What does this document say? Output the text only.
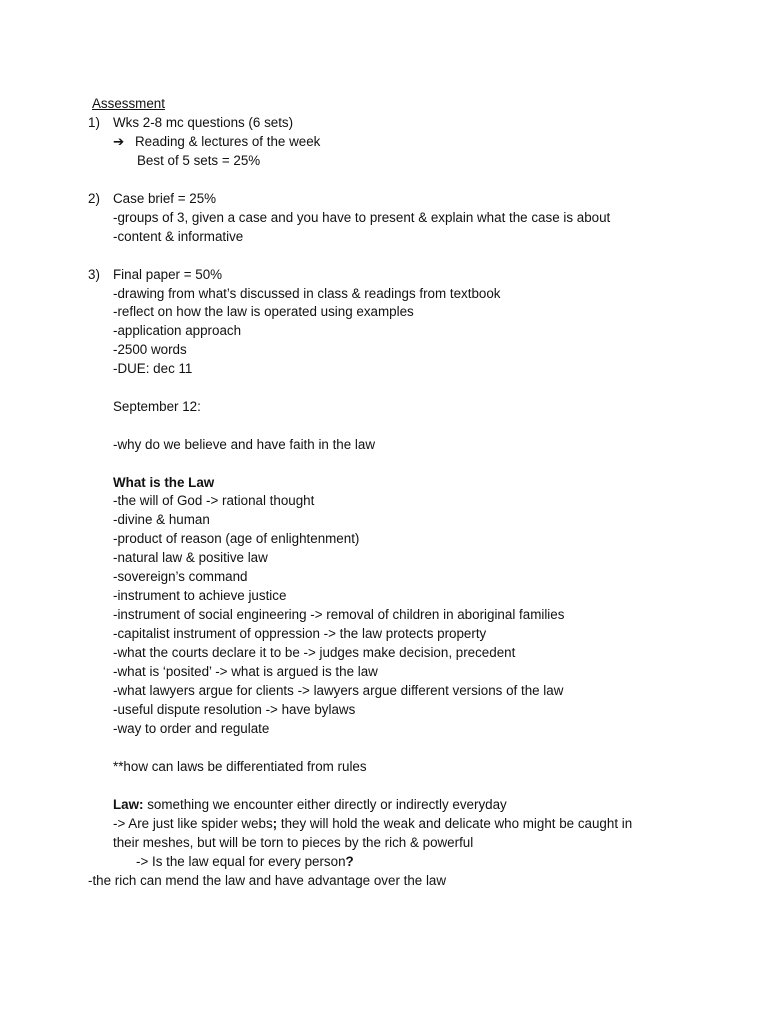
Assessment
1) Wks 2-8 mc questions (6 sets)
➔ Reading & lectures of the week
Best of 5 sets = 25%
2) Case brief = 25%
-groups of 3, given a case and you have to present & explain what the case is about
-content & informative
3) Final paper = 50%
-drawing from what’s discussed in class & readings from textbook
-reflect on how the law is operated using examples
-application approach
-2500 words
-DUE: dec 11
September 12:
-why do we believe and have faith in the law
What is the Law
-the will of God -> rational thought
-divine & human
-product of reason (age of enlightenment)
-natural law & positive law
-sovereign’s command
-instrument to achieve justice
-instrument of social engineering -> removal of children in aboriginal families
-capitalist instrument of oppression -> the law protects property
-what the courts declare it to be -> judges make decision, precedent
-what is ‘posited’ -> what is argued is the law
-what lawyers argue for clients -> lawyers argue different versions of the law
-useful dispute resolution -> have bylaws
-way to order and regulate
**how can laws be differentiated from rules
Law: something we encounter either directly or indirectly everyday
-> Are just like spider webs; they will hold the weak and delicate who might be caught in
their meshes, but will be torn to pieces by the rich & powerful
-> Is the law equal for every person?
-the rich can mend the law and have advantage over the law
